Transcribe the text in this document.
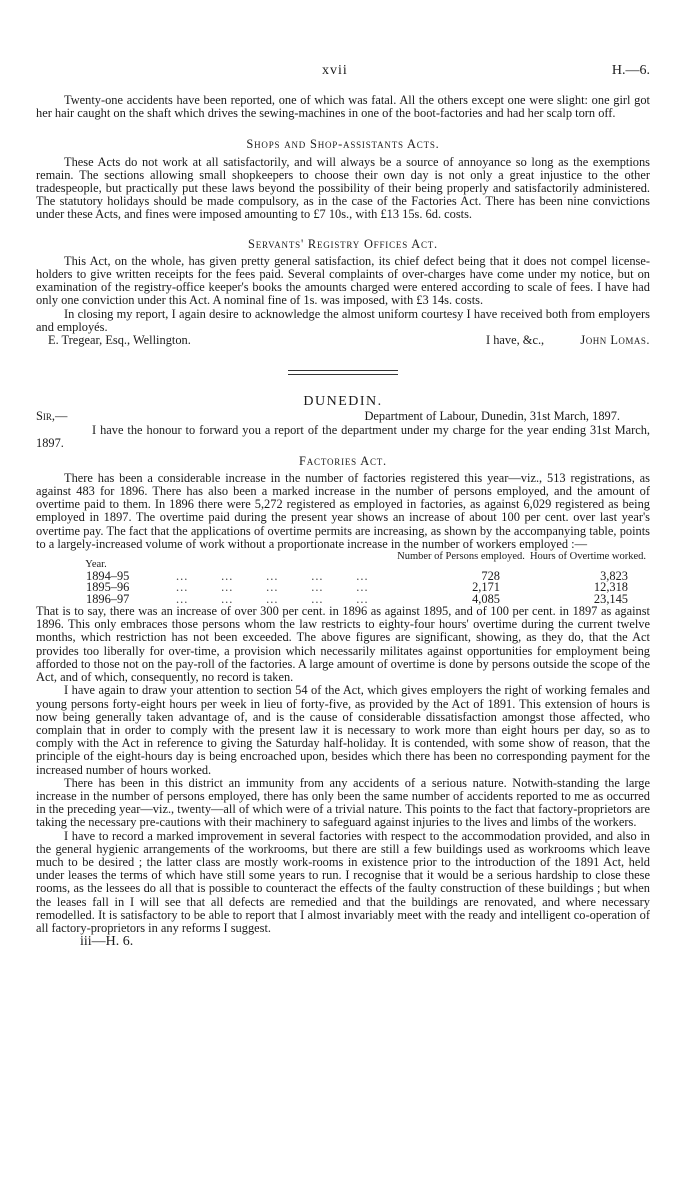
xvii	H.—6.

Twenty-one accidents have been reported, one of which was fatal. All the others except one were slight: one girl got her hair caught on the shaft which drives the sewing-machines in one of the boot-factories and had her scalp torn off.

Shops and Shop-assistants Acts.

These Acts do not work at all satisfactorily, and will always be a source of annoyance so long as the exemptions remain. The sections allowing small shopkeepers to choose their own day is not only a great injustice to the other tradespeople, but practically put these laws beyond the possibility of their being properly and satisfactorily administered. The statutory holidays should be made compulsory, as in the case of the Factories Act. There has been nine convictions under these Acts, and fines were imposed amounting to £7 10s., with £13 15s. 6d. costs.

Servants' Registry Offices Act.

This Act, on the whole, has given pretty general satisfaction, its chief defect being that it does not compel license-holders to give written receipts for the fees paid. Several complaints of over-charges have come under my notice, but on examination of the registry-office keeper's books the amounts charged were entered according to scale of fees. I have had only one conviction under this Act. A nominal fine of 1s. was imposed, with £3 14s. costs.

In closing my report, I again desire to acknowledge the almost uniform courtesy I have received both from employers and employés.

E. Tregear, Esq., Wellington.	I have, &c.,	John Lomas.
DUNEDIN.
Sir,—	Department of Labour, Dunedin, 31st March, 1897.

I have the honour to forward you a report of the department under my charge for the year ending 31st March, 1897.

Factories Act.

There has been a considerable increase in the number of factories registered this year—viz., 513 registrations, as against 483 for 1896. There has also been a marked increase in the number of persons employed, and the amount of overtime paid to them. In 1896 there were 5,272 registered as employed in factories, as against 6,029 registered as being employed in 1897. The overtime paid during the present year shows an increase of about 100 per cent. over last year's overtime pay. The fact that the applications of overtime permits are increasing, as shown by the accompanying table, points to a largely-increased volume of work without a proportionate increase in the number of workers employed :—

Year.		Number of Persons employed.	Hours of Overtime worked.
1894–95	...        ...        ...        ...        ...	728	3,823
1895–96	...        ...        ...        ...        ...	2,171	12,318
1896–97	...        ...        ...        ...        ...	4,085	23,145

That is to say, there was an increase of over 300 per cent. in 1896 as against 1895, and of 100 per cent. in 1897 as against 1896. This only embraces those persons whom the law restricts to eighty-four hours' overtime during the current twelve months, which restriction has not been exceeded. The above figures are significant, showing, as they do, that the Act provides too liberally for over-time, a provision which necessarily militates against opportunities for employment being afforded to those not on the pay-roll of the factories. A large amount of overtime is done by persons outside the scope of the Act, and of which, consequently, no record is taken.

I have again to draw your attention to section 54 of the Act, which gives employers the right of working females and young persons forty-eight hours per week in lieu of forty-five, as provided by the Act of 1891. This extension of hours is now being generally taken advantage of, and is the cause of considerable dissatisfaction amongst those affected, who complain that in order to comply with the present law it is necessary to work more than eight hours per day, so as to comply with the Act in reference to giving the Saturday half-holiday. It is contended, with some show of reason, that the principle of the eight-hours day is being encroached upon, besides which there has been no corresponding payment for the increased number of hours worked.

There has been in this district an immunity from any accidents of a serious nature. Notwith-standing the large increase in the number of persons employed, there has only been the same number of accidents reported to me as occurred in the preceding year—viz., twenty—all of which were of a trivial nature. This points to the fact that factory-proprietors are taking the necessary pre-cautions with their machinery to safeguard against injuries to the lives and limbs of the workers.

I have to record a marked improvement in several factories with respect to the accommodation provided, and also in the general hygienic arrangements of the workrooms, but there are still a few buildings used as workrooms which leave much to be desired ; the latter class are mostly work-rooms in existence prior to the introduction of the 1891 Act, held under leases the terms of which have still some years to run. I recognise that it would be a serious hardship to close these rooms, as the lessees do all that is possible to counteract the effects of the faulty construction of these buildings ; but when the leases fall in I will see that all defects are remedied and that the buildings are renovated, and where necessary remodelled. It is satisfactory to be able to report that I almost invariably meet with the ready and intelligent co-operation of all factory-proprietors in any reforms I suggest.

iii—H. 6.
